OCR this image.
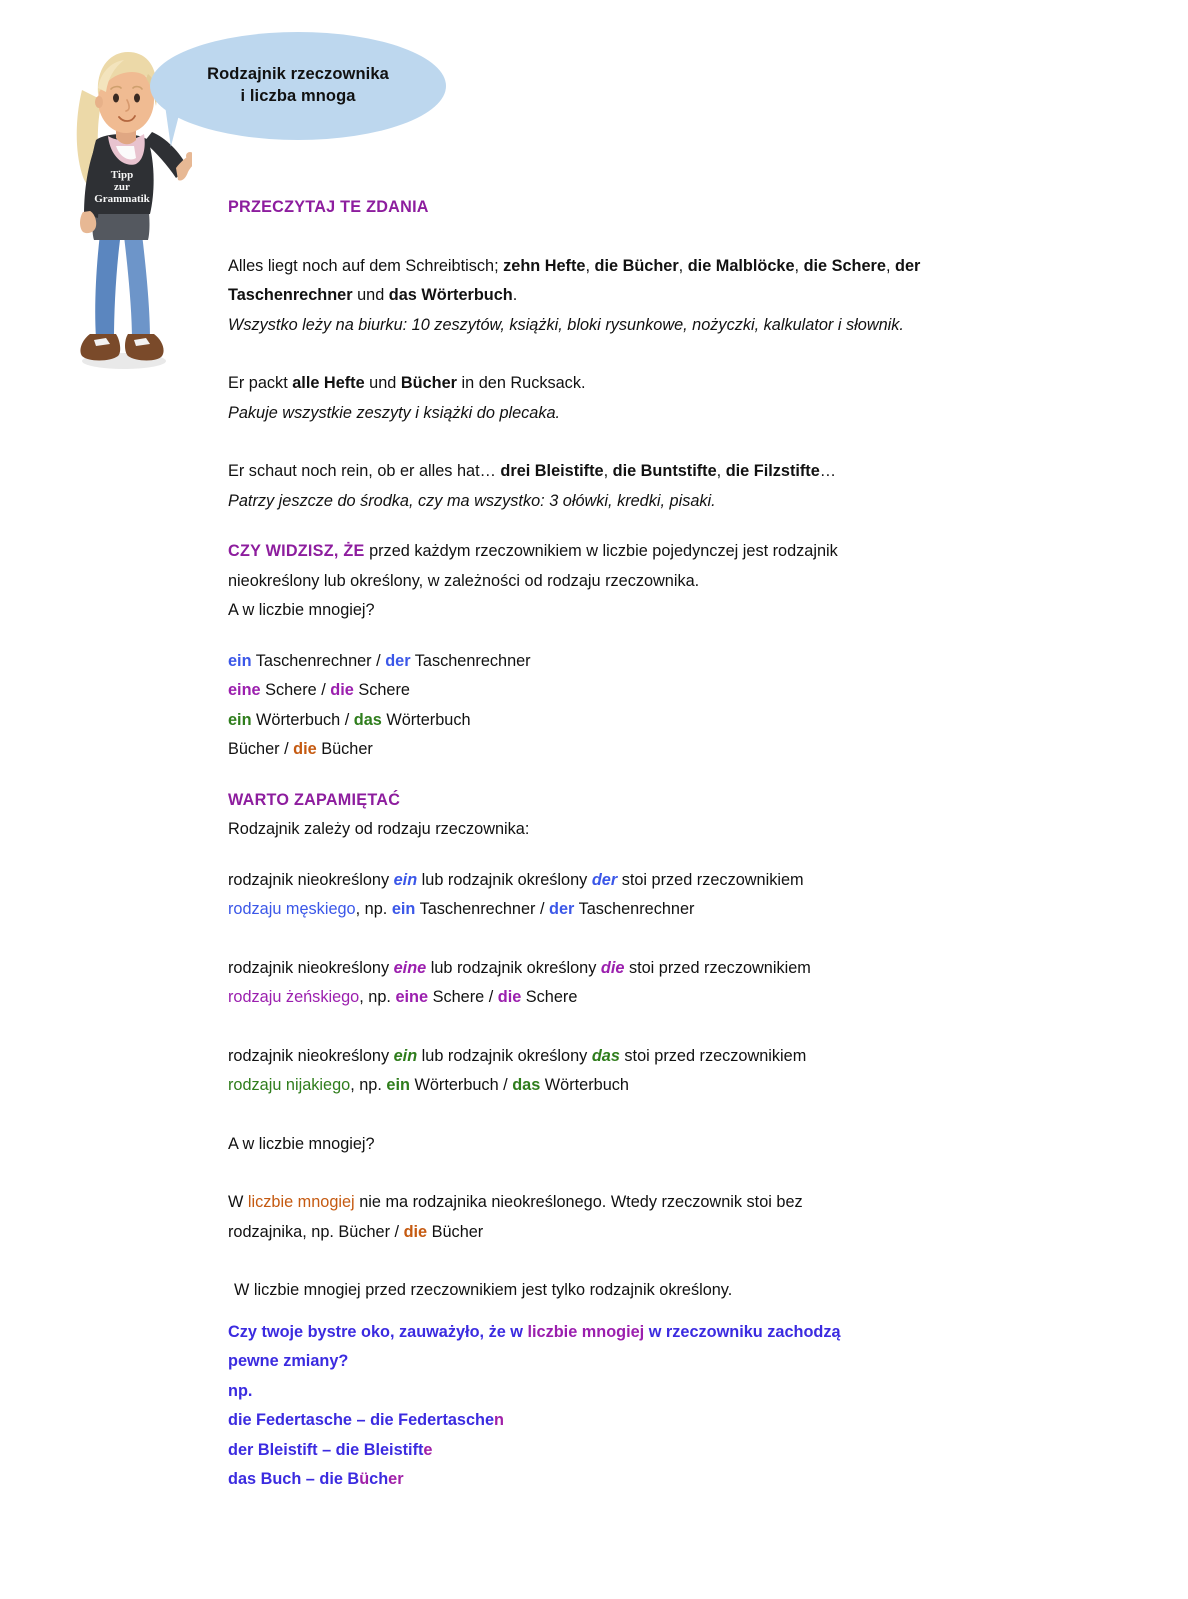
Tipp
zur
Grammatik
Rodzajnik rzeczownika
i liczba mnoga
PRZECZYTAJ TE ZDANIA
Alles liegt noch auf dem Schreibtisch; zehn Hefte, die Bücher, die Malblöcke, die Schere, der Taschenrechner und das Wörterbuch.
Wszystko leży na biurku: 10 zeszytów, książki, bloki rysunkowe, nożyczki, kalkulator i słownik.
Er packt alle Hefte und Bücher in den Rucksack.
Pakuje wszystkie zeszyty i książki do plecaka.
Er schaut noch rein, ob er alles hat… drei Bleistifte, die Buntstifte, die Filzstifte…
Patrzy jeszcze do środka, czy ma wszystko: 3 ołówki, kredki, pisaki.
CZY WIDZISZ, ŻE przed każdym rzeczownikiem w liczbie pojedynczej jest rodzajnik
nieokreślony lub określony, w zależności od rodzaju rzeczownika.
A w liczbie mnogiej?
ein Taschenrechner / der Taschenrechner
eine Schere / die Schere
ein Wörterbuch / das Wörterbuch
Bücher / die Bücher
WARTO ZAPAMIĘTAĆ
Rodzajnik zależy od rodzaju rzeczownika:
rodzajnik nieokreślony ein lub rodzajnik określony der stoi przed rzeczownikiem
rodzaju męskiego, np. ein Taschenrechner / der Taschenrechner
rodzajnik nieokreślony eine lub rodzajnik określony die stoi przed rzeczownikiem
rodzaju żeńskiego, np. eine Schere / die Schere
rodzajnik nieokreślony ein lub rodzajnik określony das stoi przed rzeczownikiem
rodzaju nijakiego, np. ein Wörterbuch / das Wörterbuch
A w liczbie mnogiej?
W liczbie mnogiej nie ma rodzajnika nieokreślonego. Wtedy rzeczownik stoi bez
rodzajnika, np. Bücher / die Bücher
W liczbie mnogiej przed rzeczownikiem jest tylko rodzajnik określony.
Czy twoje bystre oko, zauważyło, że w liczbie mnogiej w rzeczowniku zachodzą
pewne zmiany?
np.
die Federtasche – die Federtaschen
der Bleistift – die Bleistifte
das Buch – die Bücher
